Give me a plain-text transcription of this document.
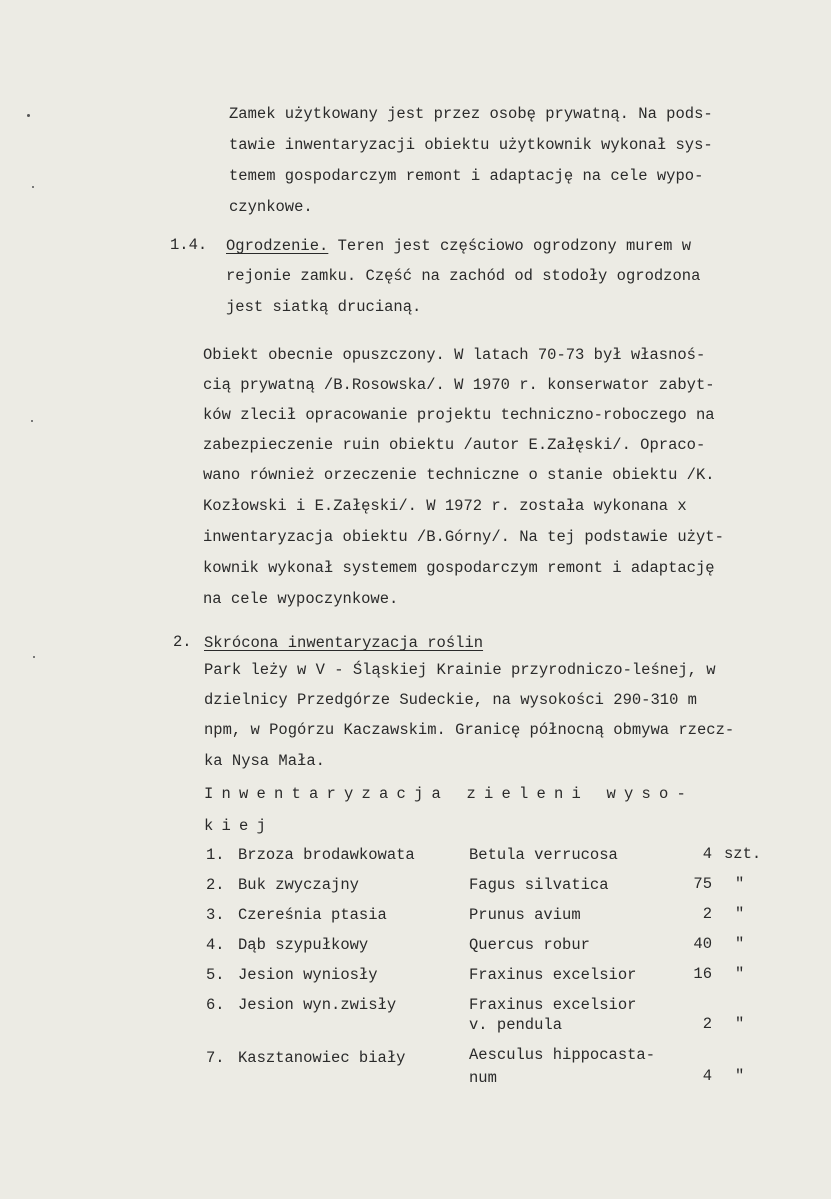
Zamek użytkowany jest przez osobę prywatną. Na pods-
tawie inwentaryzacji obiektu użytkownik wykonał sys-
temem gospodarczym remont i adaptację na cele wypo-
czynkowe.
1.4. Ogrodzenie. Teren jest częściowo ogrodzony murem w
rejonie zamku. Część na zachód od stodoły ogrodzona
jest siatką drucianą.
Obiekt obecnie opuszczony. W latach 70-73 był własnoś-
cią prywatną /B.Rosowska/. W 1970 r. konserwator zabyt-
ków zlecił opracowanie projektu techniczno-roboczego na
zabezpieczenie ruin obiektu /autor E.Załęski/. Opraco-
wano również orzeczenie techniczne o stanie obiektu /K.
Kozłowski i E.Załęski/. W 1972 r. została wykonana x
inwentaryzacja obiektu /B.Górny/. Na tej podstawie użyt-
kownik wykonał systemem gospodarczym remont i adaptację
na cele wypoczynkowe.
2. Skrócona inwentaryzacja roślin
Park leży w V - Śląskiej Krainie przyrodniczo-leśnej, w
dzielnicy Przedgórze Sudeckie, na wysokości 290-310 m
npm, w Pogórzu Kaczawskim. Granicę północną obmywa rzecz-
ka Nysa Mała.
Inwentaryzacja zieleni wyso-
kiej
1. Brzoza brodawkowata	Betula verrucosa	4 szt.
2. Buk zwyczajny	Fagus silvatica	75 "
3. Czereśnia ptasia	Prunus avium	2 "
4. Dąb szypułkowy	Quercus robur	40 "
5. Jesion wyniosły	Fraxinus excelsior	16 "
6. Jesion wyn.zwisły	Fraxinus excelsior
v. pendula	2 "
7. Kasztanowiec biały	Aesculus hippocasta-
num	4 "
